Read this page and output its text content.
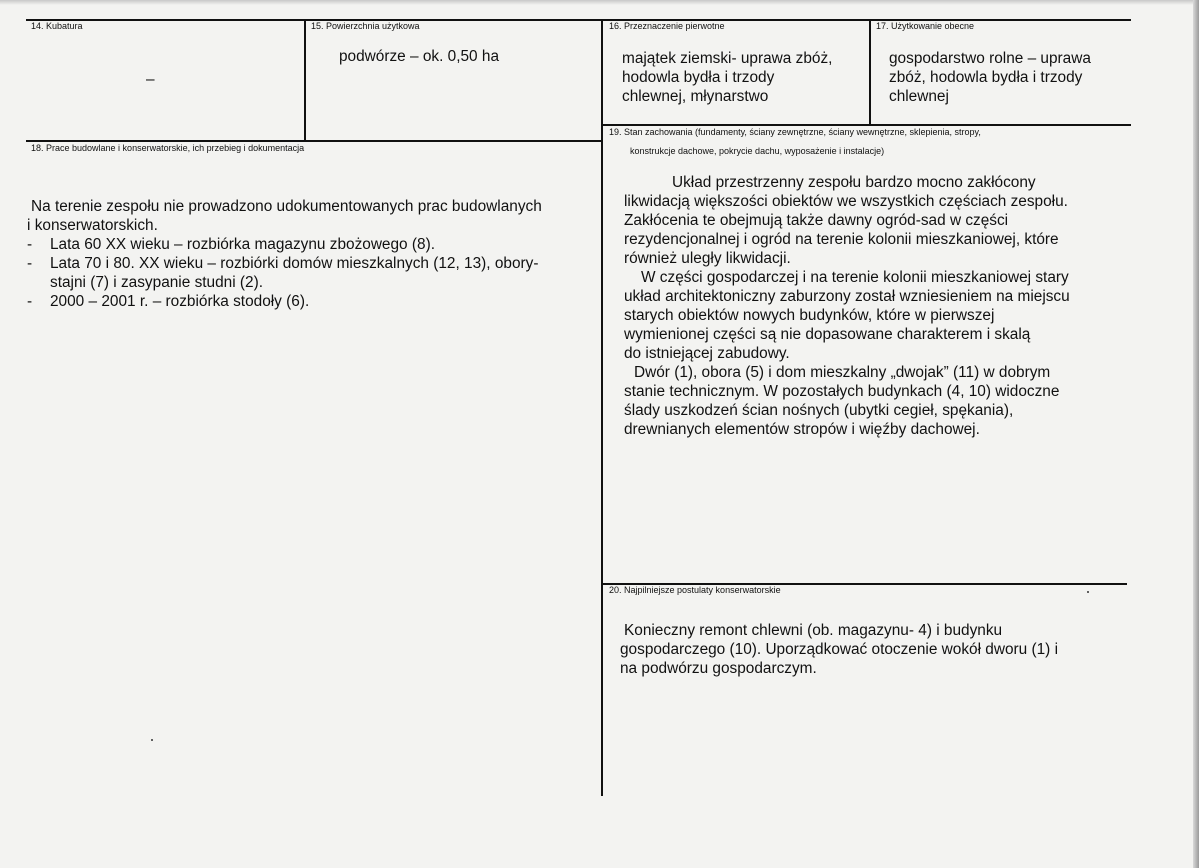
14. Kubatura
–
15. Powierzchnia użytkowa
podwórze – ok. 0,50 ha
16. Przeznaczenie pierwotne

majątek ziemski- uprawa zbóż,

hodowla bydła i trzody

chlewnej, młynarstwo

17. Użytkowanie obecne

gospodarstwo rolne – uprawa

zbóż, hodowla bydła i trzody

chlewnej

18. Prace budowlane i konserwatorskie, ich przebieg i dokumentacja

Na terenie zespołu nie prowadzono udokumentowanych prac budowlanych

i konserwatorskich.

- Lata 60 XX wieku – rozbiórka magazynu zbożowego (8).
- Lata 70 i 80. XX wieku – rozbiórki domów mieszkalnych (12, 13), obory-

stajni (7) i zasypanie studni (2).

- 2000 – 2001 r. – rozbiórka stodoły (6).
19. Stan zachowania (fundamenty, ściany zewnętrzne, ściany wewnętrzne, sklepienia, stropy,
konstrukcje dachowe, pokrycie dachu, wyposażenie i instalacje)

Układ przestrzenny zespołu bardzo mocno zakłócony

likwidacją większości obiektów we wszystkich częściach zespołu.

Zakłócenia te obejmują także dawny ogród-sad w części

rezydencjonalnej i ogród na terenie kolonii mieszkaniowej, które

również uległy likwidacji.

W części gospodarczej i na terenie kolonii mieszkaniowej stary

układ architektoniczny zaburzony został wzniesieniem na miejscu

starych obiektów nowych budynków, które w pierwszej

wymienionej części są nie dopasowane charakterem i skalą

do istniejącej zabudowy.

Dwór (1), obora (5) i dom mieszkalny „dwojak” (11) w dobrym

stanie technicznym. W pozostałych budynkach (4, 10) widoczne

ślady uszkodzeń ścian nośnych (ubytki cegieł, spękania),

drewnianych elementów stropów i więźby dachowej.

20. Najpilniejsze postulaty konserwatorskie

Konieczny remont chlewni (ob. magazynu- 4) i budynku

gospodarczego (10). Uporządkować otoczenie wokół dworu (1) i

na podwórzu gospodarczym.
